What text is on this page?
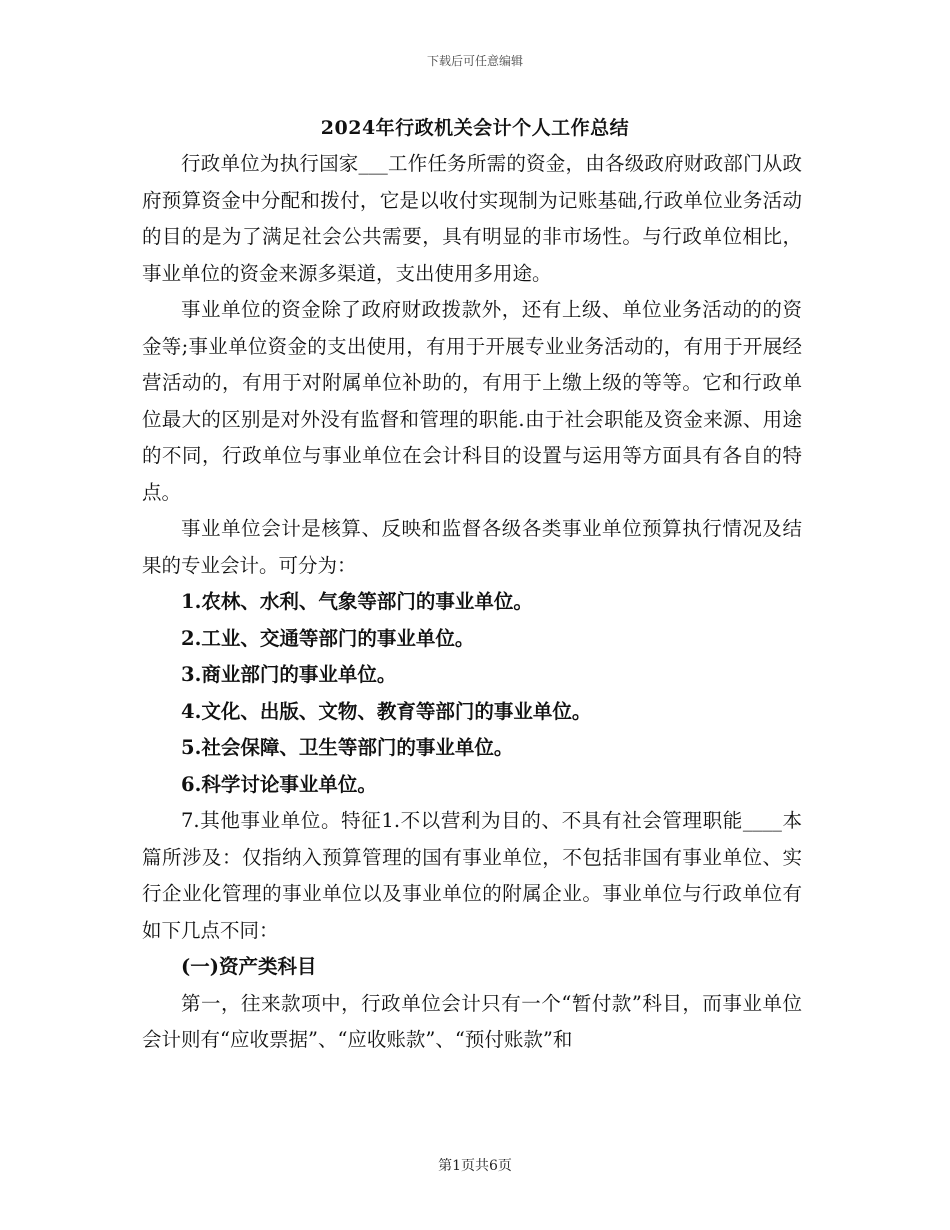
下载后可任意编辑
2024年行政机关会计个人工作总结

行政单位为执行国家___工作任务所需的资金，由各级政府财政部门从政府预算资金中分配和拨付，它是以收付实现制为记账基础,行政单位业务活动的目的是为了满足社会公共需要，具有明显的非市场性。与行政单位相比，事业单位的资金来源多渠道，支出使用多用途。

事业单位的资金除了政府财政拨款外，还有上级、单位业务活动的的资金等;事业单位资金的支出使用，有用于开展专业业务活动的，有用于开展经营活动的，有用于对附属单位补助的，有用于上缴上级的等等。它和行政单位最大的区别是对外没有监督和管理的职能.由于社会职能及资金来源、用途的不同，行政单位与事业单位在会计科目的设置与运用等方面具有各自的特点。

事业单位会计是核算、反映和监督各级各类事业单位预算执行情况及结果的专业会计。可分为：

1.农林、水利、气象等部门的事业单位。

2.工业、交通等部门的事业单位。

3.商业部门的事业单位。

4.文化、出版、文物、教育等部门的事业单位。

5.社会保障、卫生等部门的事业单位。

6.科学讨论事业单位。

7.其他事业单位。特征1.不以营利为目的、不具有社会管理职能____本篇所涉及：仅指纳入预算管理的国有事业单位，不包括非国有事业单位、实行企业化管理的事业单位以及事业单位的附属企业。事业单位与行政单位有如下几点不同：

(一)资产类科目

第一，往来款项中，行政单位会计只有一个“暂付款”科目，而事业单位会计则有“应收票据”、“应收账款”、“预付账款”和

第1页共6页
